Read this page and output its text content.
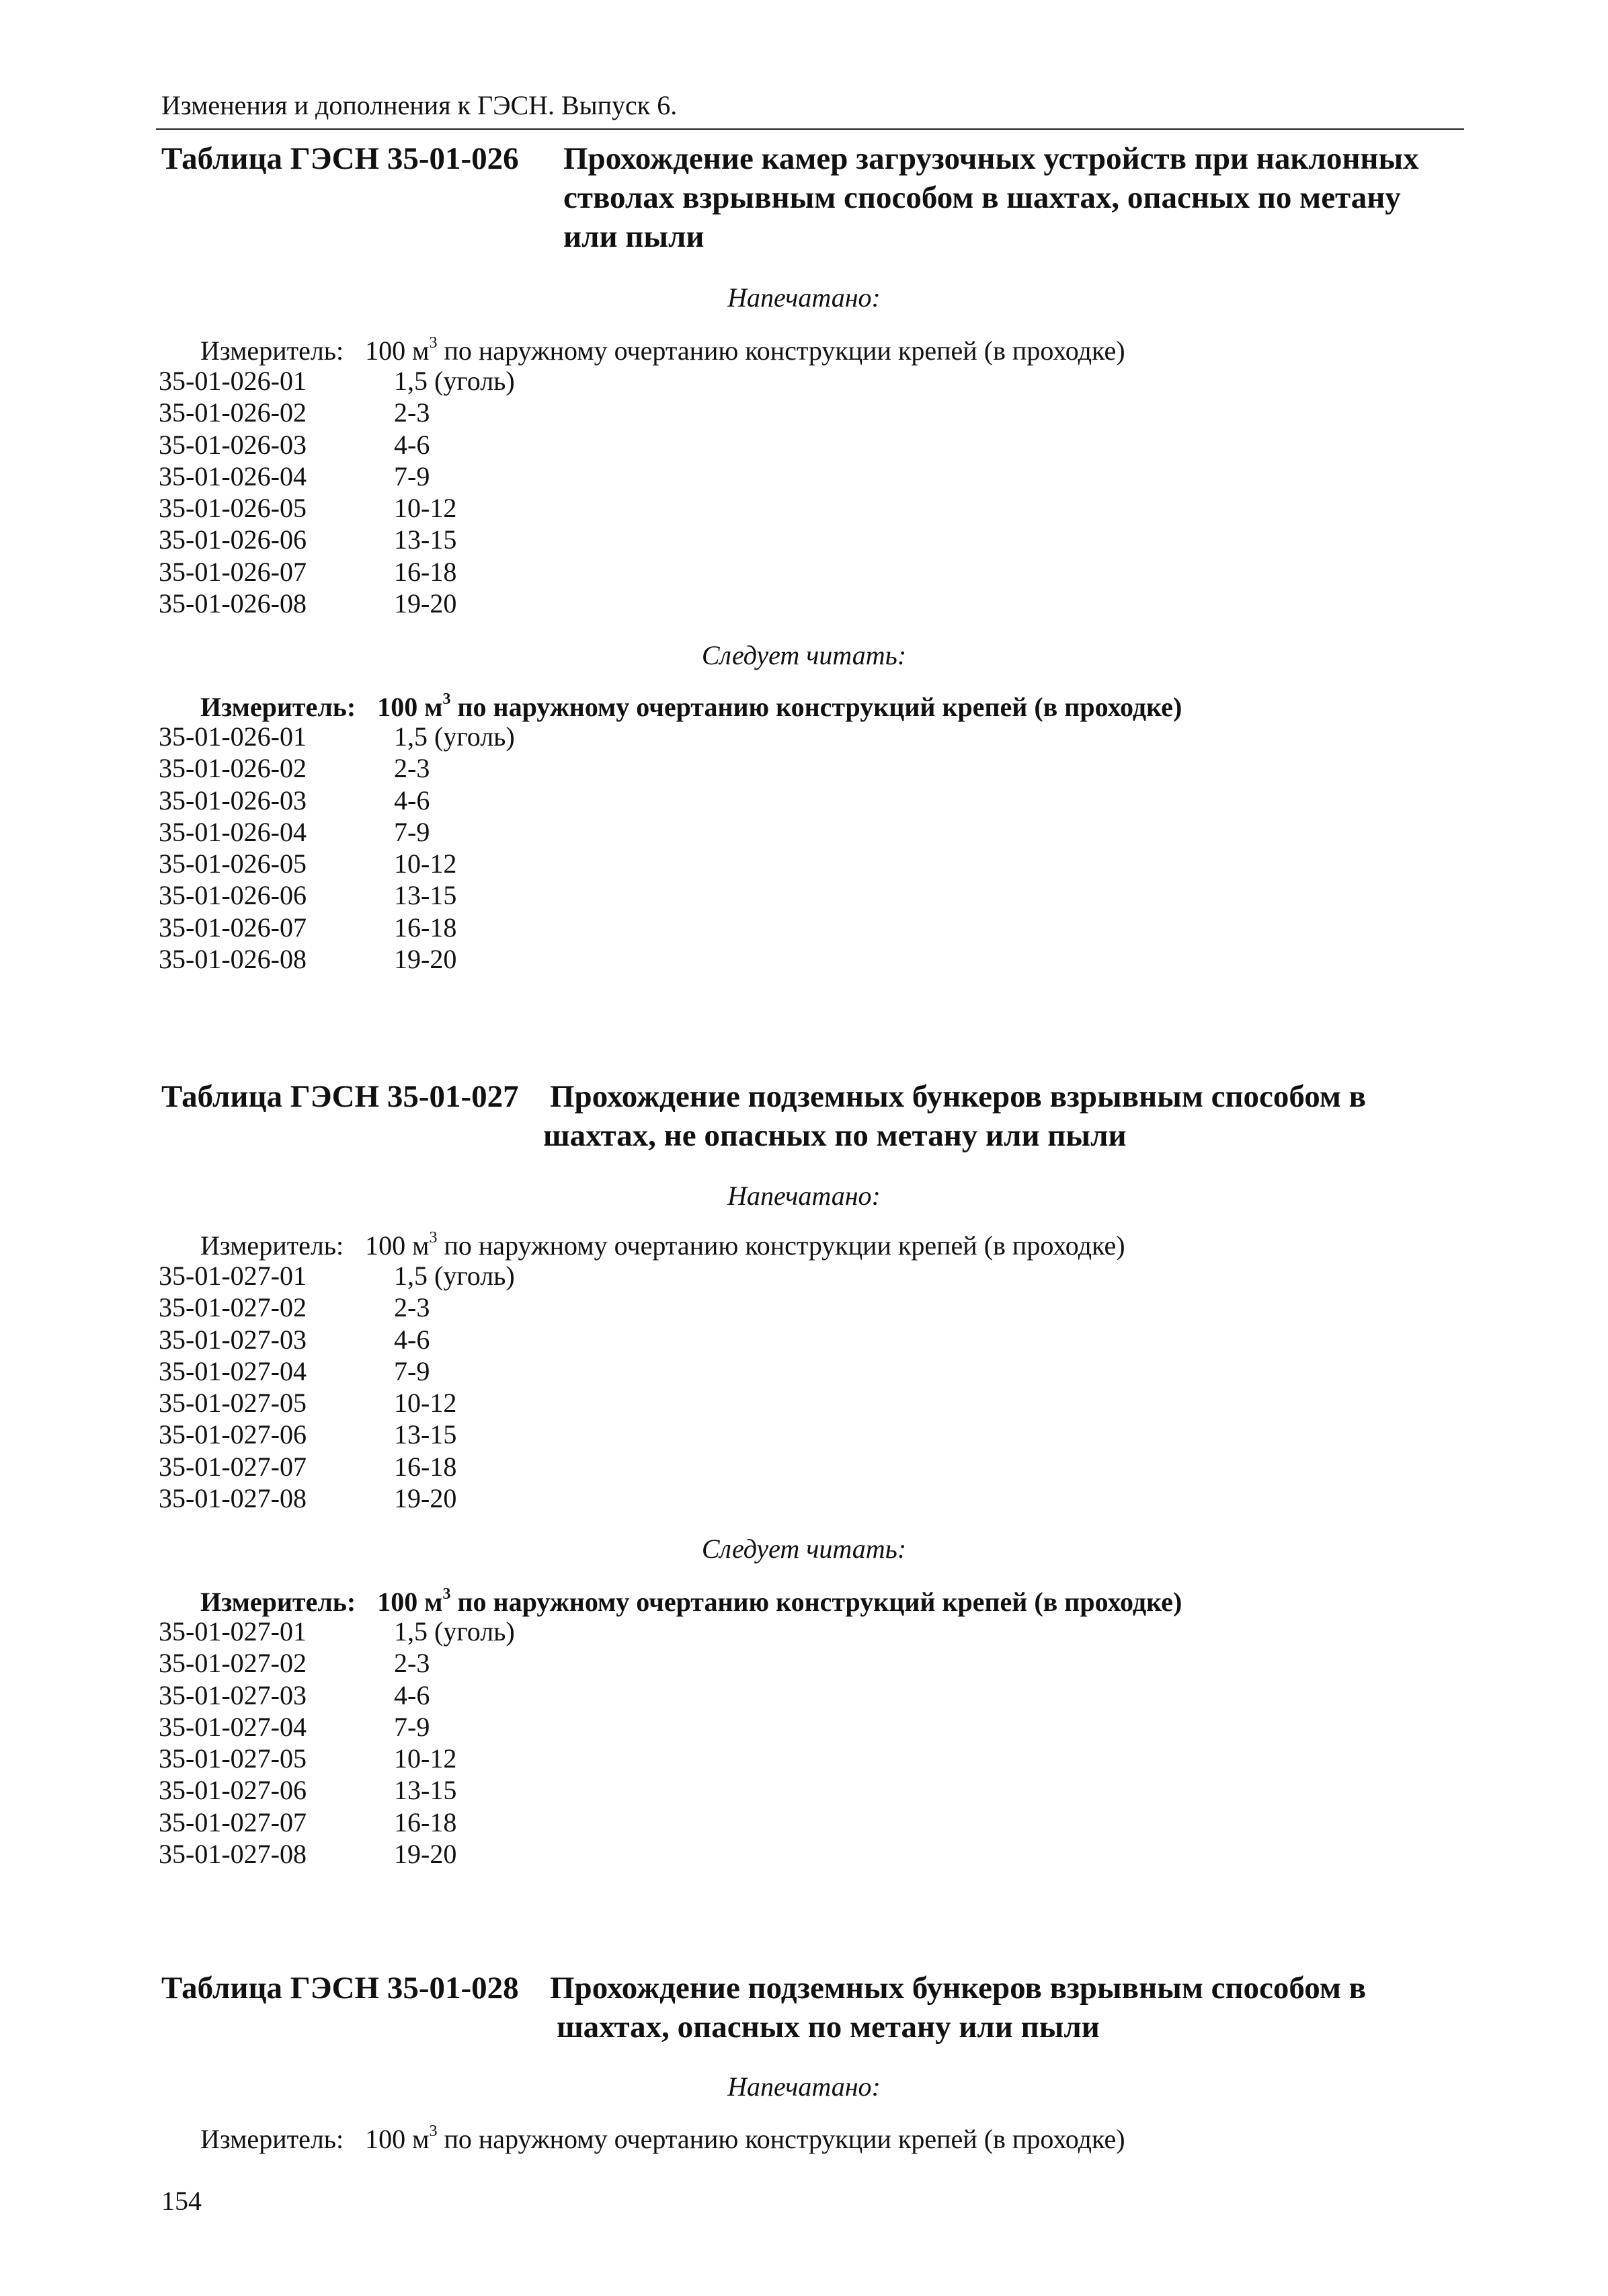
Изменения и дополнения к ГЭСН. Выпуск 6.
Таблица ГЭСН 35-01-026 Прохождение камер загрузочных устройств при наклонных
стволах взрывным способом в шахтах, опасных по метану
или пыли
Напечатано:
Измеритель: 100 $м^3$ по наружному очертанию конструкции крепей (в проходке)
35-01-026-01	1,5 (уголь)
35-01-026-02	2-3
35-01-026-03	4-6
35-01-026-04	7-9
35-01-026-05	10-12
35-01-026-06	13-15
35-01-026-07	16-18
35-01-026-08	19-20
Следует читать:
Измеритель: 100 $м^3$ по наружному очертанию конструкций крепей (в проходке)
35-01-026-01	1,5 (уголь)
35-01-026-02	2-3
35-01-026-03	4-6
35-01-026-04	7-9
35-01-026-05	10-12
35-01-026-06	13-15
35-01-026-07	16-18
35-01-026-08	19-20
Таблица ГЭСН 35-01-027 Прохождение подземных бункеров взрывным способом в
шахтах, не опасных по метану или пыли
Напечатано:
Измеритель: 100 $м^3$ по наружному очертанию конструкции крепей (в проходке)
35-01-027-01	1,5 (уголь)
35-01-027-02	2-3
35-01-027-03	4-6
35-01-027-04	7-9
35-01-027-05	10-12
35-01-027-06	13-15
35-01-027-07	16-18
35-01-027-08	19-20
Следует читать:
Измеритель: 100 $м^3$ по наружному очертанию конструкций крепей (в проходке)
35-01-027-01	1,5 (уголь)
35-01-027-02	2-3
35-01-027-03	4-6
35-01-027-04	7-9
35-01-027-05	10-12
35-01-027-06	13-15
35-01-027-07	16-18
35-01-027-08	19-20
Таблица ГЭСН 35-01-028 Прохождение подземных бункеров взрывным способом в
шахтах, опасных по метану или пыли
Напечатано:
Измеритель: 100 $м^3$ по наружному очертанию конструкции крепей (в проходке)
154
